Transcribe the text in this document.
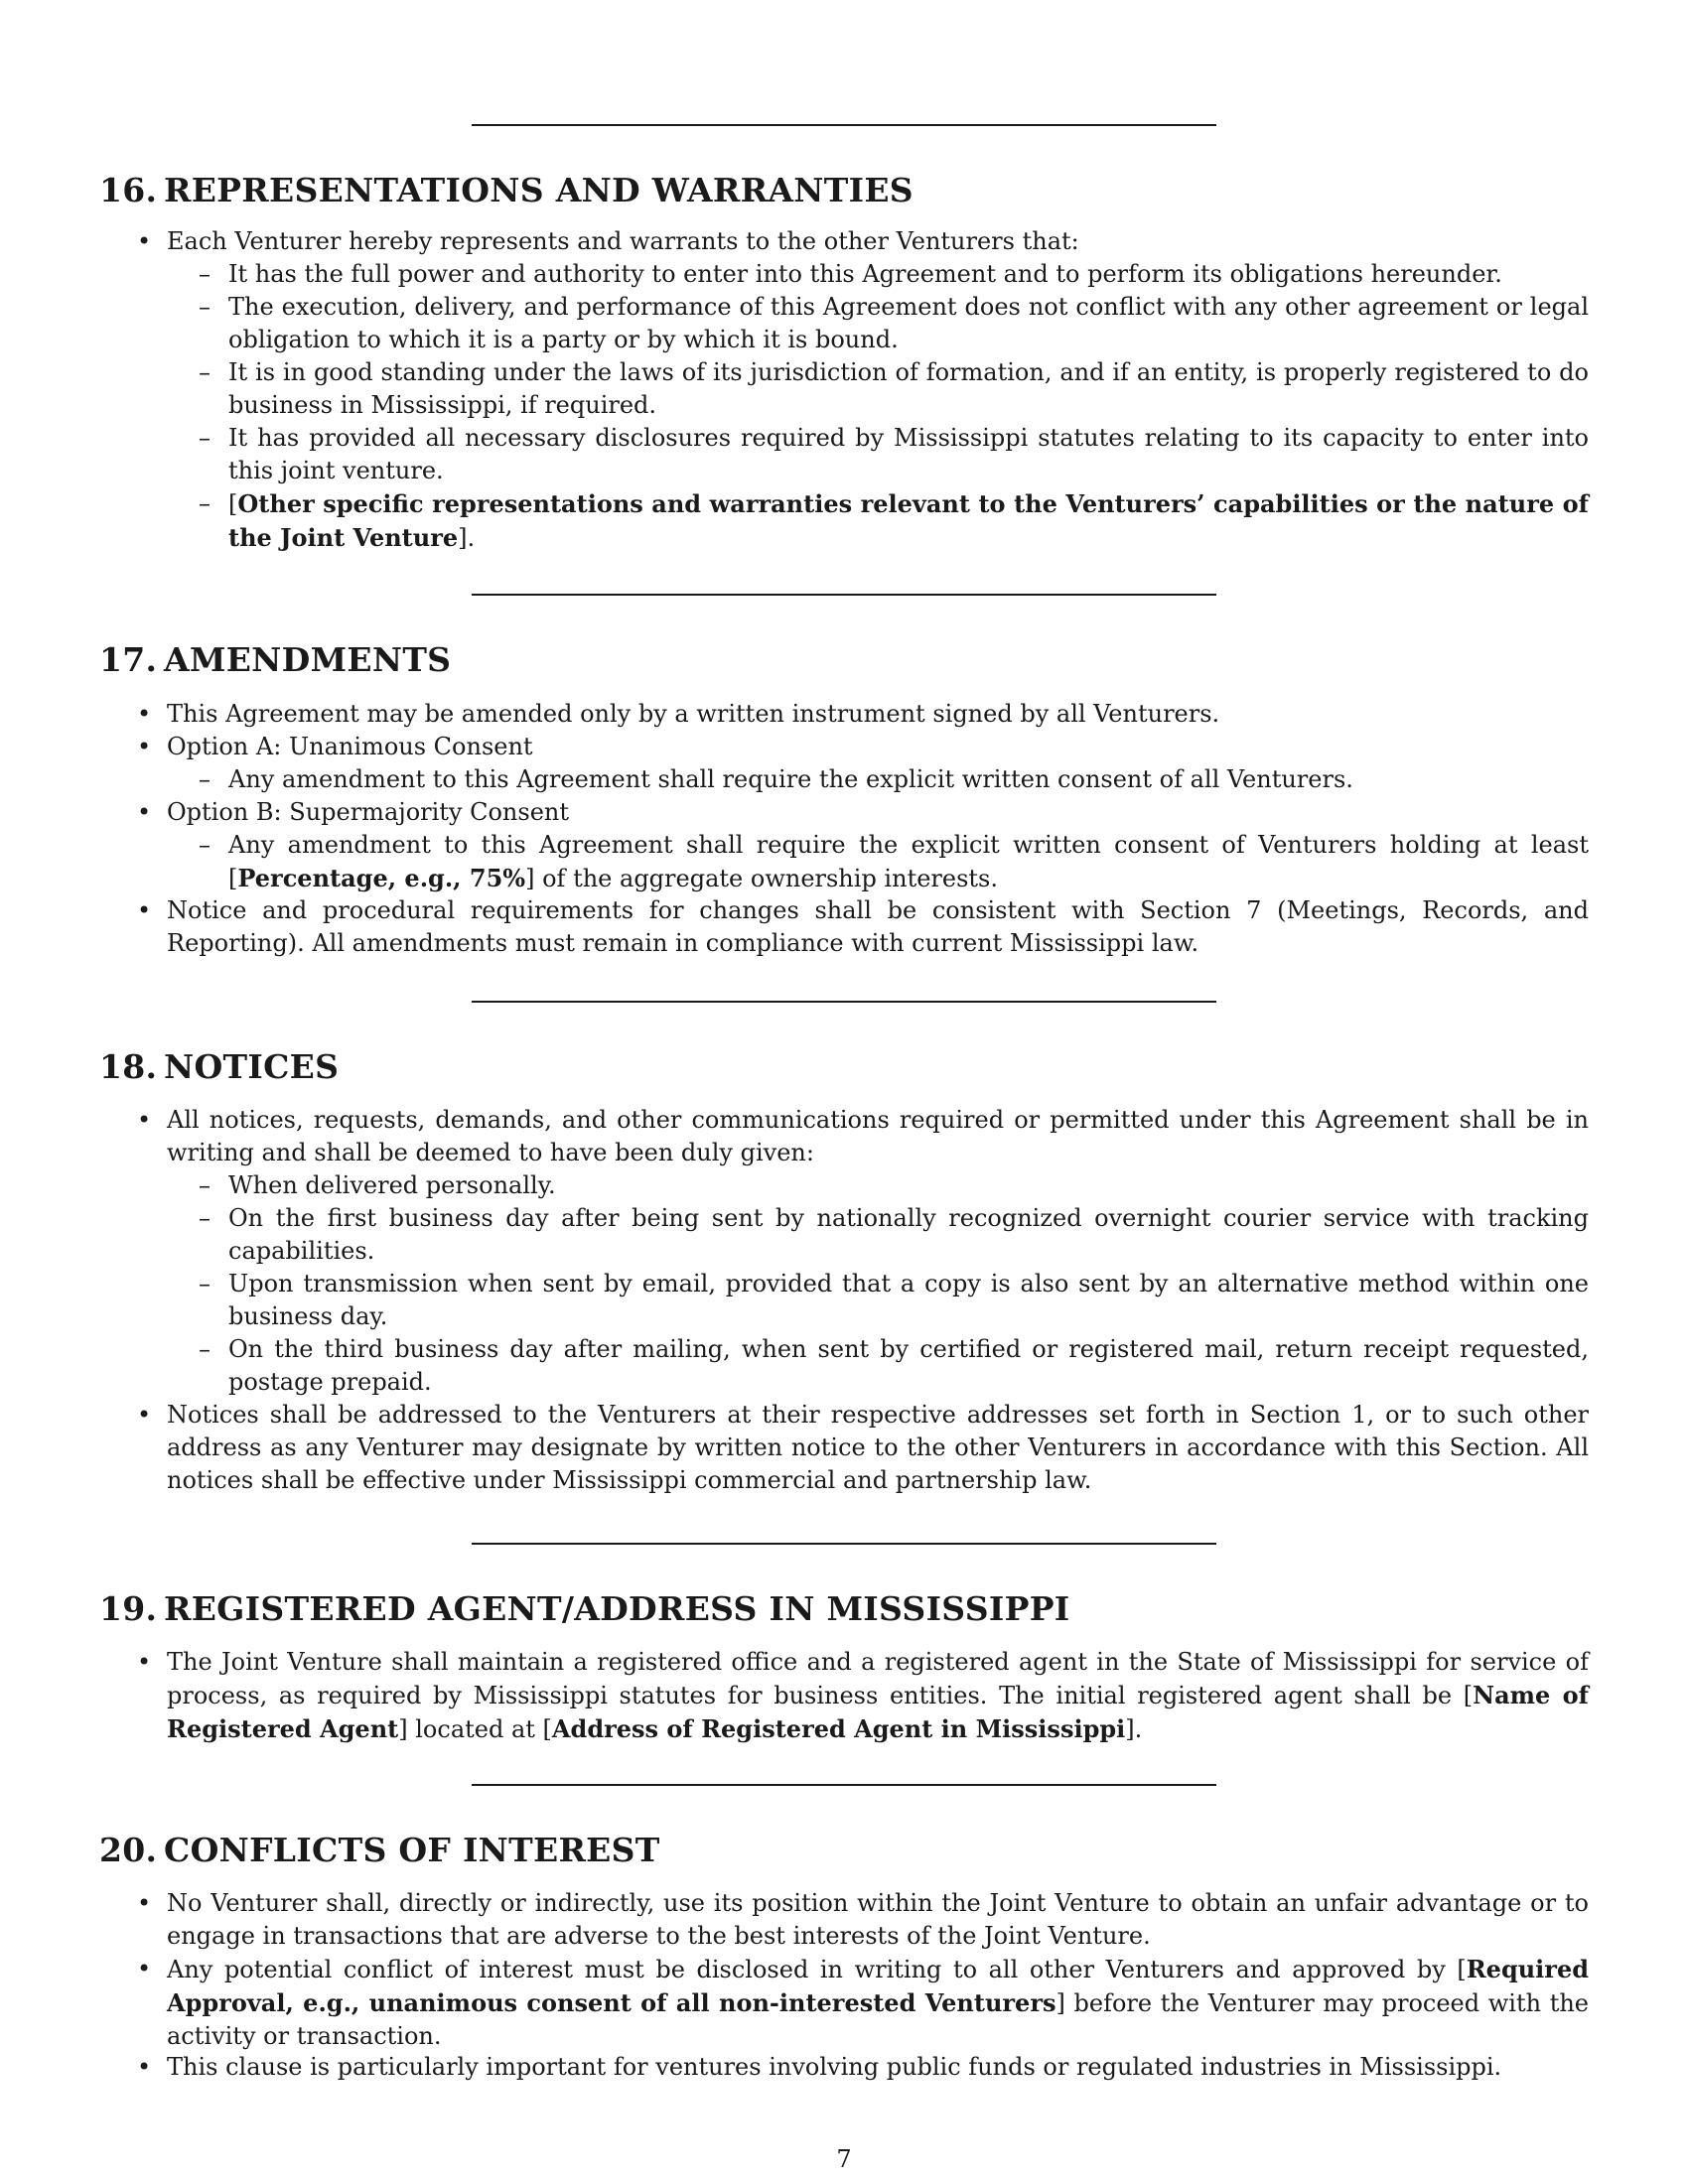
16. REPRESENTATIONS AND WARRANTIES
• Each Venturer hereby represents and warrants to the other Venturers that:
– It has the full power and authority to enter into this Agreement and to perform its obligations hereunder.
– The execution, delivery, and performance of this Agreement does not conflict with any other agreement or legal obligation to which it is a party or by which it is bound.
– It is in good standing under the laws of its jurisdiction of formation, and if an entity, is properly registered to do business in Mississippi, if required.
– It has provided all necessary disclosures required by Mississippi statutes relating to its capacity to enter into this joint venture.
– [Other specific representations and warranties relevant to the Venturers’ capabilities or the nature of the Joint Venture].
17. AMENDMENTS
• This Agreement may be amended only by a written instrument signed by all Venturers.
• Option A: Unanimous Consent
– Any amendment to this Agreement shall require the explicit written consent of all Venturers.
• Option B: Supermajority Consent
– Any amendment to this Agreement shall require the explicit written consent of Venturers holding at least [Percentage, e.g., 75%] of the aggregate ownership interests.
• Notice and procedural requirements for changes shall be consistent with Section 7 (Meetings, Records, and Reporting). All amendments must remain in compliance with current Mississippi law.
18. NOTICES
• All notices, requests, demands, and other communications required or permitted under this Agreement shall be in writing and shall be deemed to have been duly given:
– When delivered personally.
– On the first business day after being sent by nationally recognized overnight courier service with tracking capabilities.
– Upon transmission when sent by email, provided that a copy is also sent by an alternative method within one business day.
– On the third business day after mailing, when sent by certified or registered mail, return receipt requested, postage prepaid.
• Notices shall be addressed to the Venturers at their respective addresses set forth in Section 1, or to such other address as any Venturer may designate by written notice to the other Venturers in accordance with this Section. All notices shall be effective under Mississippi commercial and partnership law.
19. REGISTERED AGENT/ADDRESS IN MISSISSIPPI
• The Joint Venture shall maintain a registered office and a registered agent in the State of Mississippi for service of process, as required by Mississippi statutes for business entities. The initial registered agent shall be [Name of Registered Agent] located at [Address of Registered Agent in Mississippi].
20. CONFLICTS OF INTEREST
• No Venturer shall, directly or indirectly, use its position within the Joint Venture to obtain an unfair advantage or to engage in transactions that are adverse to the best interests of the Joint Venture.
• Any potential conflict of interest must be disclosed in writing to all other Venturers and approved by [Required Approval, e.g., unanimous consent of all non-interested Venturers] before the Venturer may proceed with the activity or transaction.
• This clause is particularly important for ventures involving public funds or regulated industries in Mississippi.
7
